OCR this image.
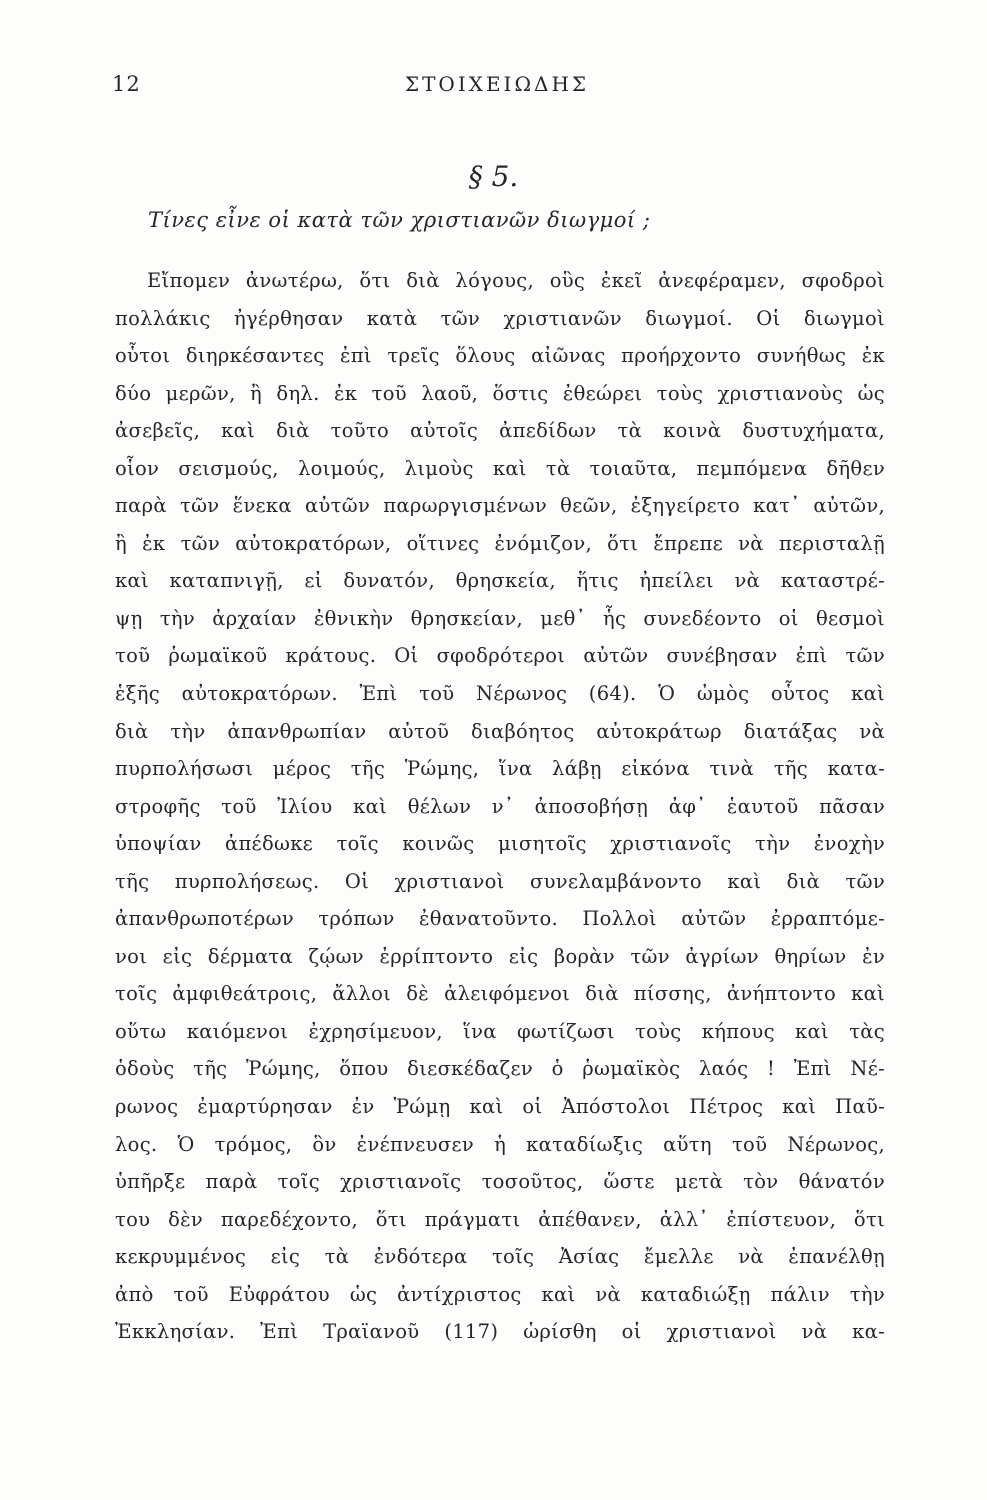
12	ΣΤΟΙΧΕΙΩΔΗΣ
§ 5.
Τίνες εἶνε οἱ κατὰ τῶν χριστιανῶν διωγμοί ;
Εἴπομεν ἀνωτέρω, ὅτι διὰ λόγους, οὓς ἐκεῖ ἀνεφέραμεν, σφοδροὶ
πολλάκις ἠγέρθησαν κατὰ τῶν χριστιανῶν διωγμοί. Οἱ διωγμοὶ
οὗτοι διηρκέσαντες ἐπὶ τρεῖς ὅλους αἰῶνας προήρχοντο συνήθως ἐκ
δύο μερῶν, ἢ δηλ. ἐκ τοῦ λαοῦ, ὅστις ἐθεώρει τοὺς χριστιανοὺς ὡς
ἀσεβεῖς, καὶ διὰ τοῦτο αὐτοῖς ἀπεδίδων τὰ κοινὰ δυστυχήματα,
οἷον σεισμούς, λοιμούς, λιμοὺς καὶ τὰ τοιαῦτα, πεμπόμενα δῆθεν
παρὰ τῶν ἕνεκα αὐτῶν παρωργισμένων θεῶν, ἐξηγείρετο κατ᾽ αὐτῶν,
ἢ ἐκ τῶν αὐτοκρατόρων, οἵτινες ἐνόμιζον, ὅτι ἔπρεπε νὰ περισταλῇ
καὶ καταπνιγῇ, εἰ δυνατόν, θρησκεία, ἥτις ἠπείλει νὰ καταστρέ-
ψῃ τὴν ἀρχαίαν ἐθνικὴν θρησκείαν, μεθ᾽ ἧς συνεδέοντο οἱ θεσμοὶ
τοῦ ῥωμαϊκοῦ κράτους. Οἱ σφοδρότεροι αὐτῶν συνέβησαν ἐπὶ τῶν
ἑξῆς αὐτοκρατόρων. Ἐπὶ τοῦ Νέρωνος (64). Ὁ ὠμὸς οὗτος καὶ
διὰ τὴν ἀπανθρωπίαν αὐτοῦ διαβόητος αὐτοκράτωρ διατάξας νὰ
πυρπολήσωσι μέρος τῆς Ῥώμης, ἵνα λάβῃ εἰκόνα τινὰ τῆς κατα-
στροφῆς τοῦ Ἰλίου καὶ θέλων ν᾽ ἀποσοβήσῃ ἀφ᾽ ἑαυτοῦ πᾶσαν
ὑποψίαν ἀπέδωκε τοῖς κοινῶς μισητοῖς χριστιανοῖς τὴν ἐνοχὴν
τῆς πυρπολήσεως. Οἱ χριστιανοὶ συνελαμβάνοντο καὶ διὰ τῶν
ἀπανθρωποτέρων τρόπων ἐθανατοῦντο. Πολλοὶ αὐτῶν ἐρραπτόμε-
νοι εἰς δέρματα ζῴων ἐρρίπτοντο εἰς βορὰν τῶν ἀγρίων θηρίων ἐν
τοῖς ἀμφιθεάτροις, ἄλλοι δὲ ἀλειφόμενοι διὰ πίσσης, ἀνήπτοντο καὶ
οὕτω καιόμενοι ἐχρησίμευον, ἵνα φωτίζωσι τοὺς κήπους καὶ τὰς
ὁδοὺς τῆς Ῥώμης, ὅπου διεσκέδαζεν ὁ ῥωμαϊκὸς λαός ! Ἐπὶ Νέ-
ρωνος ἐμαρτύρησαν ἐν Ῥώμῃ καὶ οἱ Ἀπόστολοι Πέτρος καὶ Παῦ-
λος. Ὁ τρόμος, ὃν ἐνέπνευσεν ἡ καταδίωξις αὕτη τοῦ Νέρωνος,
ὑπῆρξε παρὰ τοῖς χριστιανοῖς τοσοῦτος, ὥστε μετὰ τὸν θάνατόν
του δὲν παρεδέχοντο, ὅτι πράγματι ἀπέθανεν, ἀλλ᾽ ἐπίστευον, ὅτι
κεκρυμμένος εἰς τὰ ἐνδότερα τοῖς Ἀσίας ἔμελλε νὰ ἐπανέλθῃ
ἀπὸ τοῦ Εὐφράτου ὡς ἀντίχριστος καὶ νὰ καταδιώξῃ πάλιν τὴν
Ἐκκλησίαν. Ἐπὶ Τραϊανοῦ (117) ὡρίσθη οἱ χριστιανοὶ νὰ κα-
